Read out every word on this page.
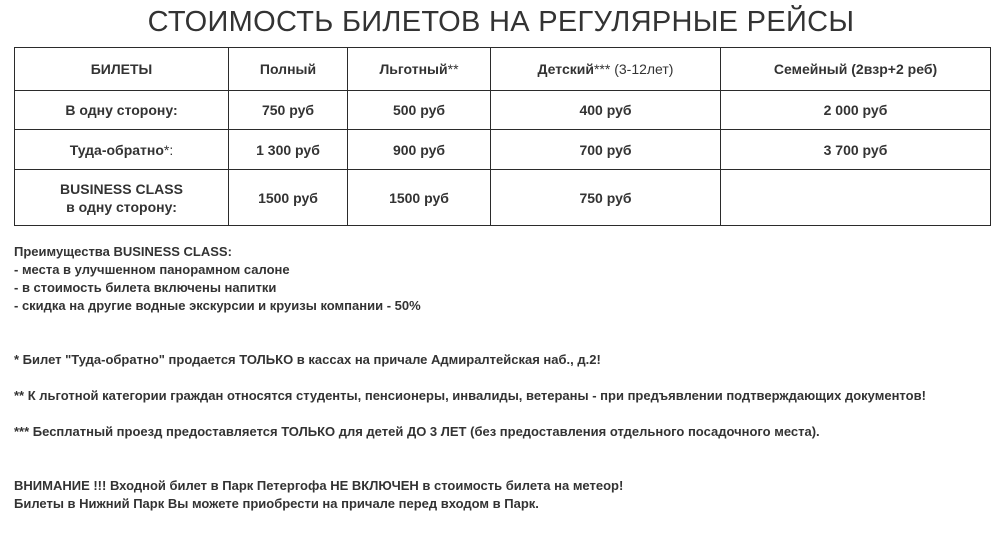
СТОИМОСТЬ БИЛЕТОВ НА РЕГУЛЯРНЫЕ РЕЙСЫ
БИЛЕТЫ	Полный	Льготный**	Детский*** (3-12лет)	Семейный (2взр+2 реб)
В одну сторону:	750 руб	500 руб	400 руб	2 000 руб
Туда-обратно*:	1 300 руб	900 руб	700 руб	3 700 руб
BUSINESS CLASS
в одну сторону:	1500 руб	1500 руб	750 руб	

Преимущества BUSINESS CLASS:

- места в улучшенном панорамном салоне

- в стоимость билета включены напитки

- скидка на другие водные экскурсии и круизы компании - 50%

* Билет "Туда-обратно" продается ТОЛЬКО в кассах на причале Адмиралтейская наб., д.2!

** К льготной категории граждан относятся студенты, пенсионеры, инвалиды, ветераны - при предъявлении подтверждающих документов!

*** Бесплатный проезд предоставляется ТОЛЬКО для детей ДО 3 ЛЕТ (без предоставления отдельного посадочного места).

ВНИМАНИЕ !!! Входной билет в Парк Петергофа НЕ ВКЛЮЧЕН в стоимость билета на метеор!

Билеты в Нижний Парк Вы можете приобрести на причале перед входом в Парк.
